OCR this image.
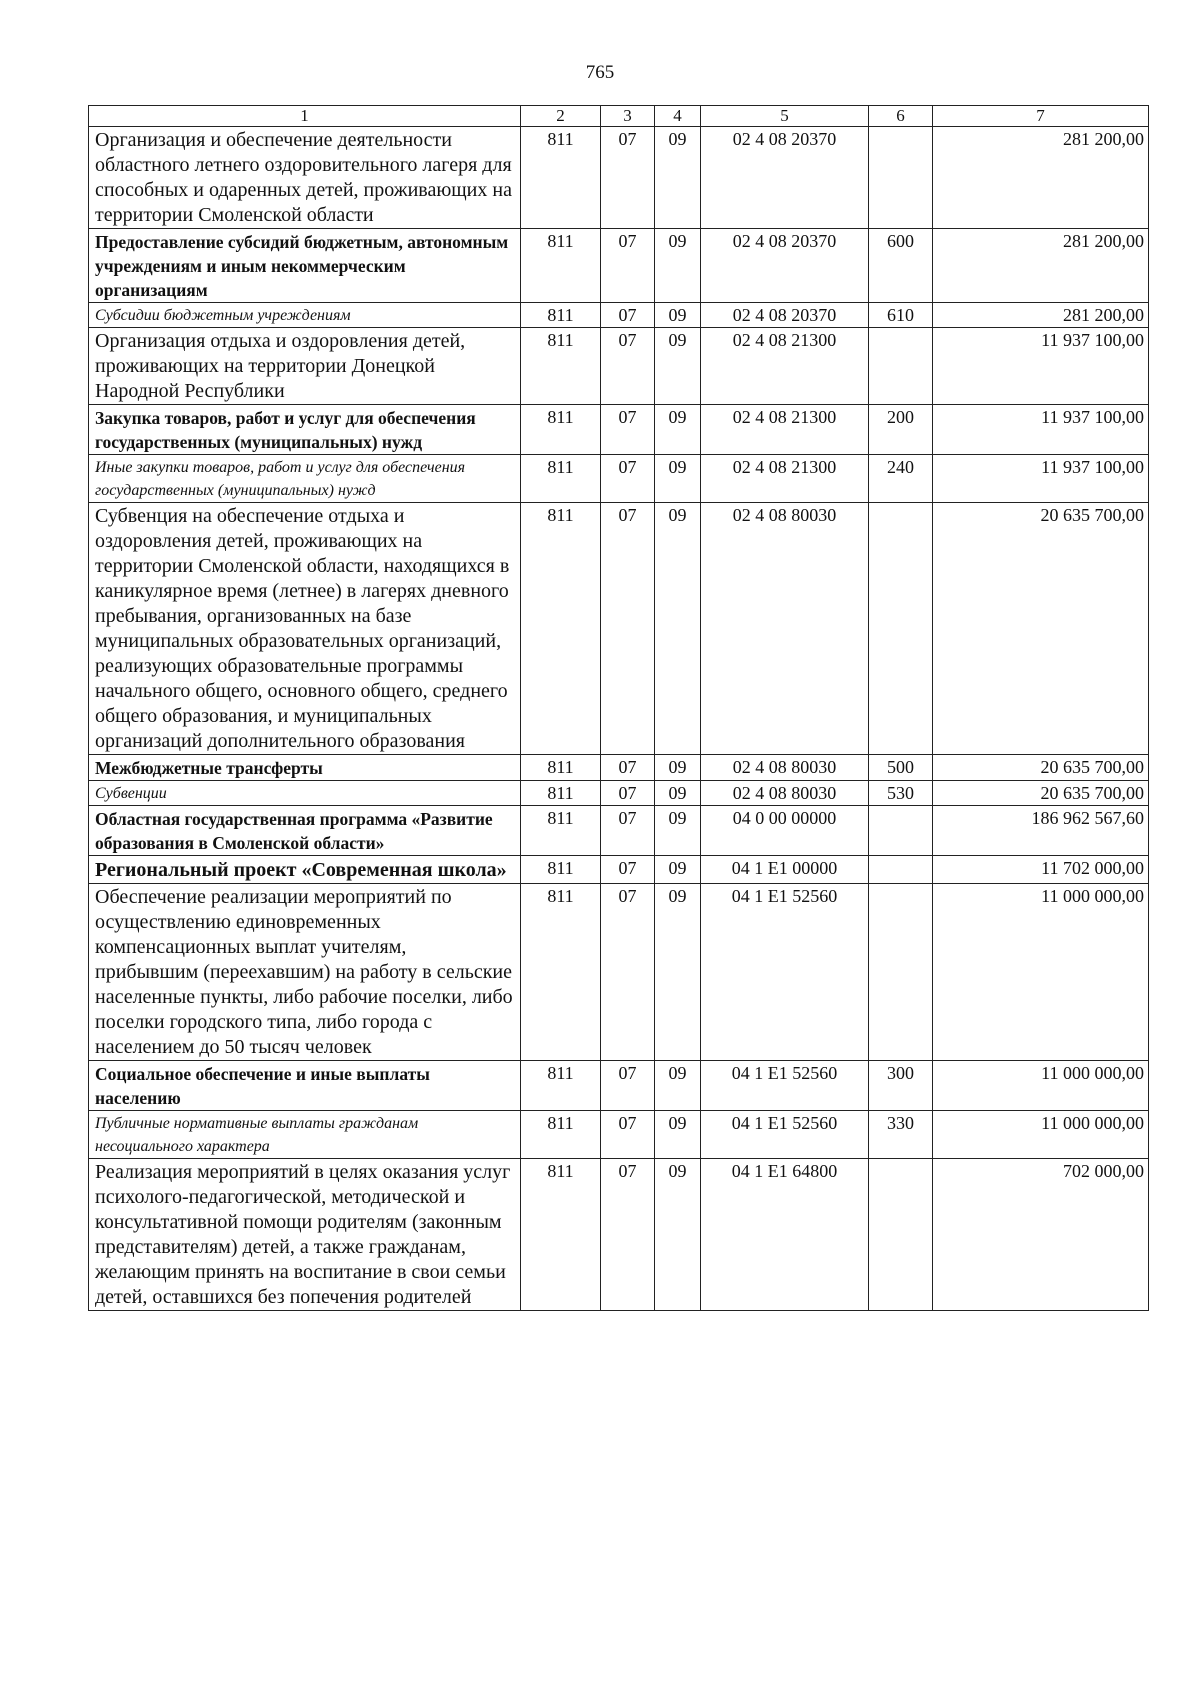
765
1	2	3	4	5	6	7
Организация и обеспечение деятельности областного летнего оздоровительного лагеря для способных и одаренных детей, проживающих на территории Смоленской области	811	07	09	02 4 08 20370		281 200,00
Предоставление субсидий бюджетным, автономным учреждениям и иным некоммерческим организациям	811	07	09	02 4 08 20370	600	281 200,00
Субсидии бюджетным учреждениям	811	07	09	02 4 08 20370	610	281 200,00
Организация отдыха и оздоровления детей, проживающих на территории Донецкой Народной Республики	811	07	09	02 4 08 21300		11 937 100,00
Закупка товаров, работ и услуг для обеспечения государственных (муниципальных) нужд	811	07	09	02 4 08 21300	200	11 937 100,00
Иные закупки товаров, работ и услуг для обеспечения государственных (муниципальных) нужд	811	07	09	02 4 08 21300	240	11 937 100,00
Субвенция на обеспечение отдыха и оздоровления детей, проживающих на территории Смоленской области, находящихся в каникулярное время (летнее) в лагерях дневного пребывания, организованных на базе муниципальных образовательных организаций, реализующих образовательные программы начального общего, основного общего, среднего общего образования, и муниципальных организаций дополнительного образования	811	07	09	02 4 08 80030		20 635 700,00
Межбюджетные трансферты	811	07	09	02 4 08 80030	500	20 635 700,00
Субвенции	811	07	09	02 4 08 80030	530	20 635 700,00
Областная государственная программа «Развитие образования в Смоленской области»	811	07	09	04 0 00 00000		186 962 567,60
Региональный проект «Современная школа»	811	07	09	04 1 E1 00000		11 702 000,00
Обеспечение реализации мероприятий по осуществлению единовременных компенсационных выплат учителям, прибывшим (переехавшим) на работу в сельские населенные пункты, либо рабочие поселки, либо поселки городского типа, либо города с населением до 50 тысяч человек	811	07	09	04 1 E1 52560		11 000 000,00
Социальное обеспечение и иные выплаты населению	811	07	09	04 1 E1 52560	300	11 000 000,00
Публичные нормативные выплаты гражданам несоциального характера	811	07	09	04 1 E1 52560	330	11 000 000,00
Реализация мероприятий в целях оказания услуг психолого-педагогической, методической и консультативной помощи родителям (законным представителям) детей, а также гражданам, желающим принять на воспитание в свои семьи детей, оставшихся без попечения родителей	811	07	09	04 1 E1 64800		702 000,00
